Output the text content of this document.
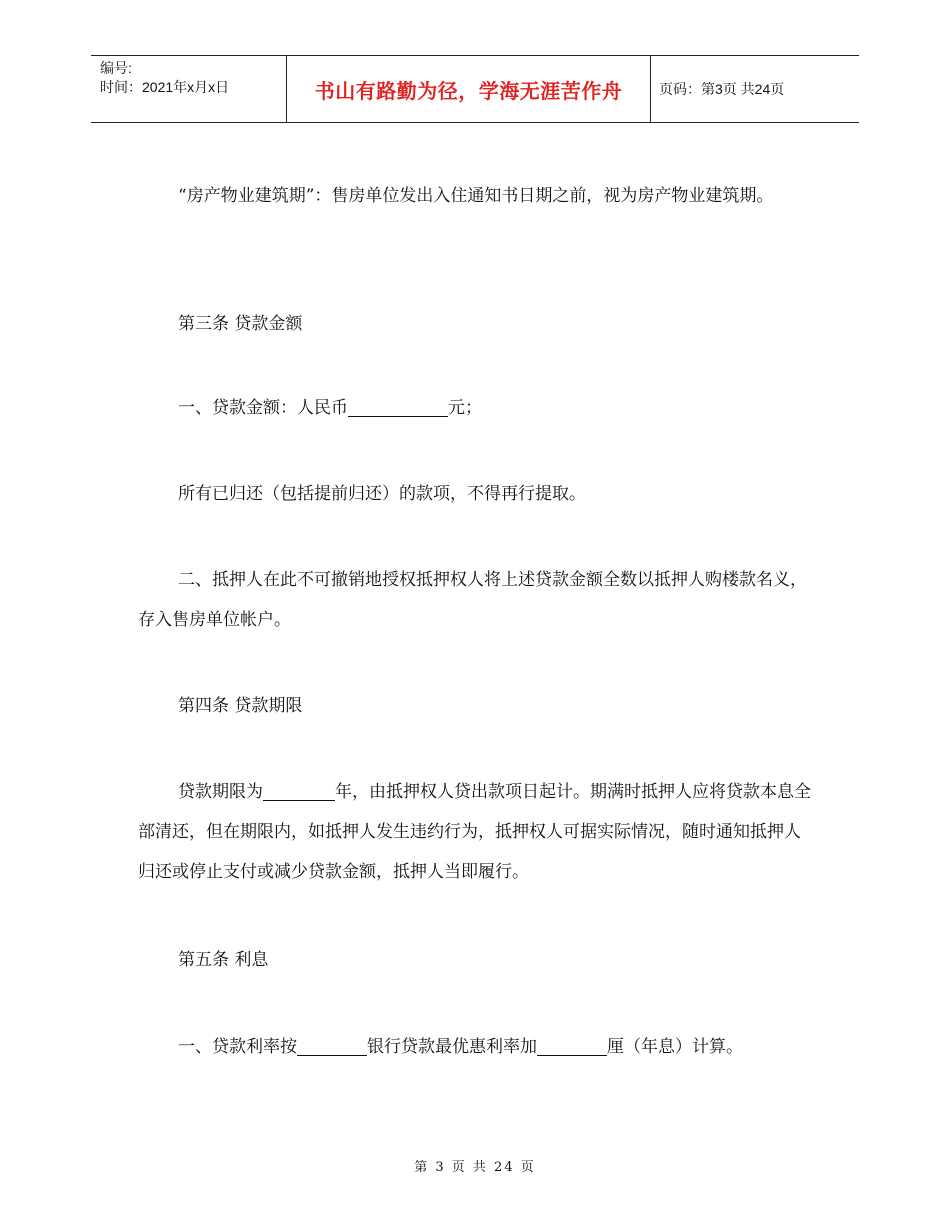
编号:
时间：2021年x月x日	书山有路勤为径，学海无涯苦作舟	页码：第3页 共24页

“房产物业建筑期”：售房单位发出入住通知书日期之前，视为房产物业建筑期。

第三条 贷款金额

一、贷款金额：人民币	元；

所有已归还（包括提前归还）的款项，不得再行提取。

二、抵押人在此不可撤销地授权抵押权人将上述贷款金额全数以抵押人购楼款名义，存入售房单位帐户。

第四条 贷款期限

贷款期限为	年，由抵押权人贷出款项日起计。期满时抵押人应将贷款本息全部清还，但在期限内，如抵押人发生违约行为，抵押权人可据实际情况，随时通知抵押人归还或停止支付或减少贷款金额，抵押人当即履行。

第五条 利息

一、贷款利率按	银行贷款最优惠利率加	厘（年息）计算。

第 3 页 共 24 页
